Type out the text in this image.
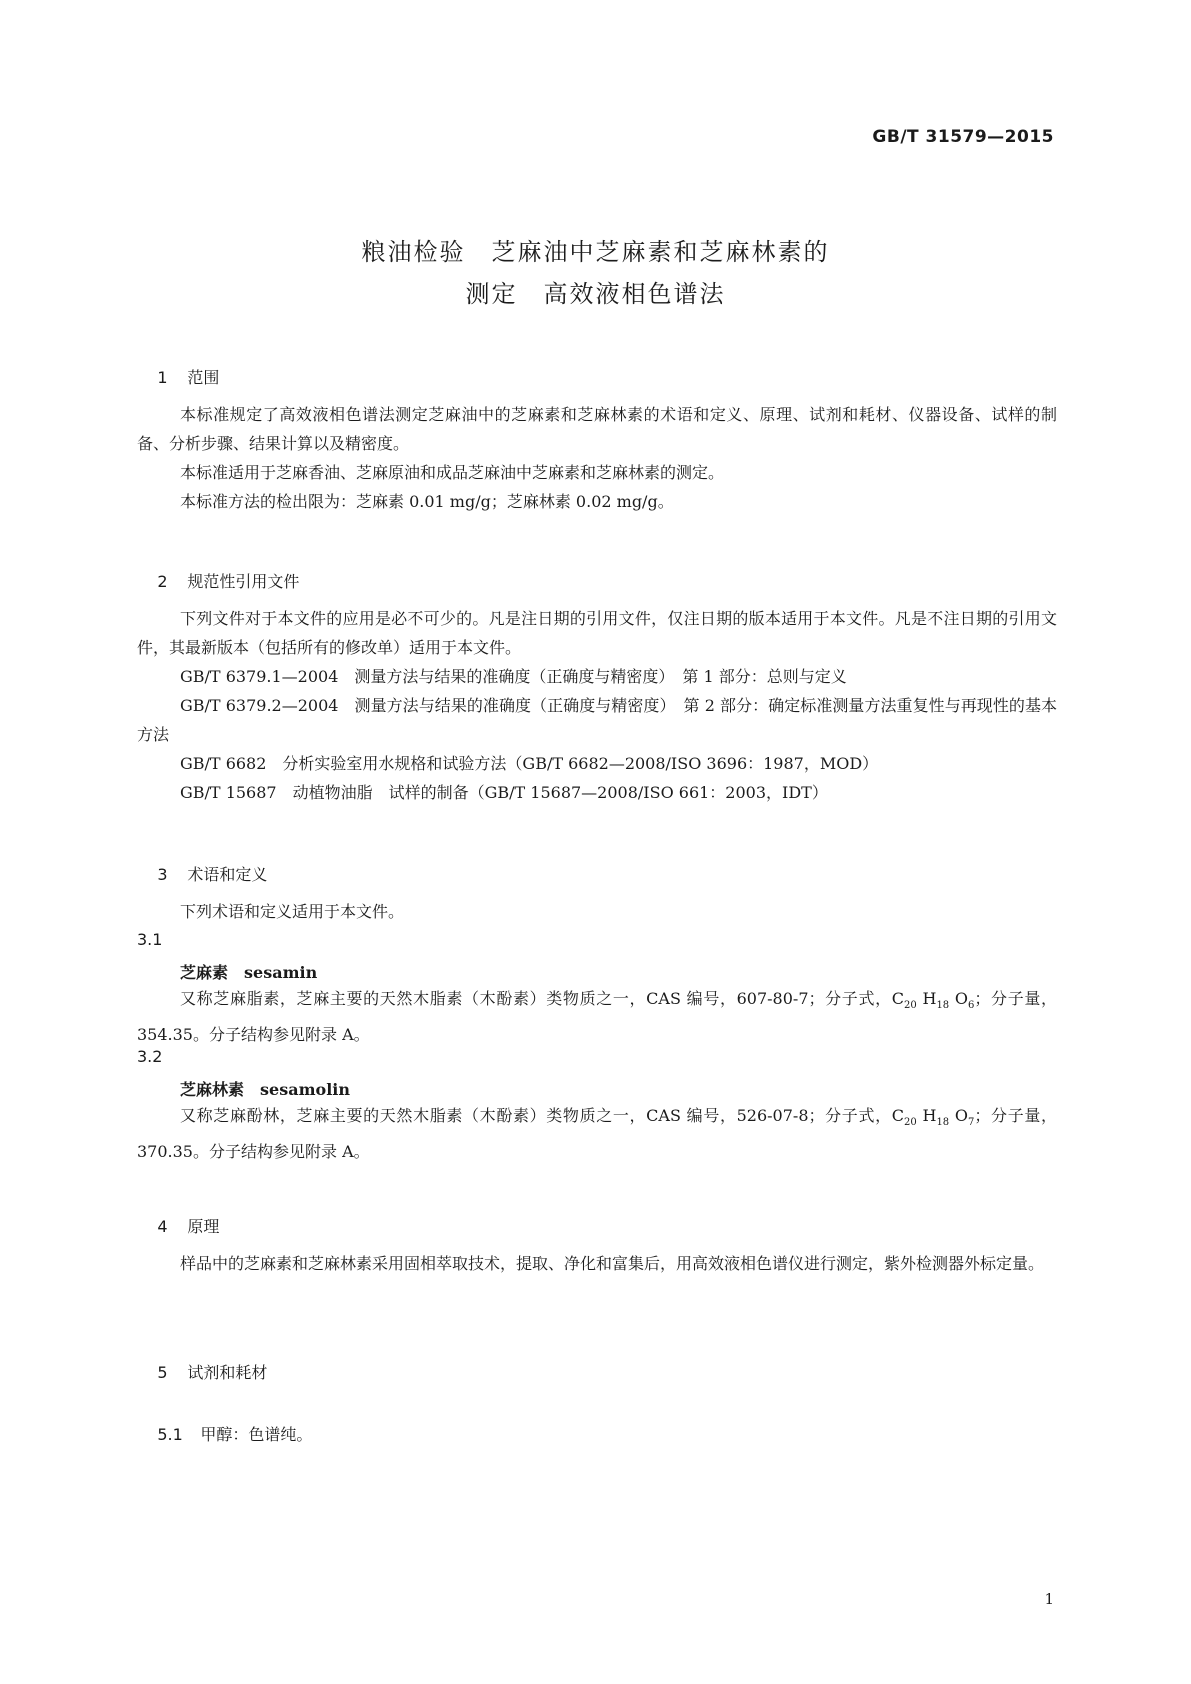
GB/T 31579—2015
粮油检验　芝麻油中芝麻素和芝麻林素的
测定　高效液相色谱法

1 范围

本标准规定了高效液相色谱法测定芝麻油中的芝麻素和芝麻林素的术语和定义、原理、试剂和耗材、仪器设备、试样的制备、分析步骤、结果计算以及精密度。
本标准适用于芝麻香油、芝麻原油和成品芝麻油中芝麻素和芝麻林素的测定。
本标准方法的检出限为：芝麻素 0.01 mg/g；芝麻林素 0.02 mg/g。

2 规范性引用文件

下列文件对于本文件的应用是必不可少的。凡是注日期的引用文件，仅注日期的版本适用于本文件。凡是不注日期的引用文件，其最新版本（包括所有的修改单）适用于本文件。
GB/T 6379.1—2004　测量方法与结果的准确度（正确度与精密度）　第 1 部分：总则与定义
GB/T 6379.2—2004　测量方法与结果的准确度（正确度与精密度）　第 2 部分：确定标准测量方法重复性与再现性的基本方法
GB/T 6682　分析实验室用水规格和试验方法（GB/T 6682—2008/ISO 3696：1987，MOD）
GB/T 15687　动植物油脂　试样的制备（GB/T 15687—2008/ISO 661：2003，IDT）

3 术语和定义

下列术语和定义适用于本文件。
3.1
芝麻素　 sesamin
又称芝麻脂素，芝麻主要的天然木脂素（木酚素）类物质之一，CAS 编号，607-80-7；分子式，$C_{20}$ $H_{18}$ $O_6$；分子量，354.35。分子结构参见附录 A。
3.2
芝麻林素　 sesamolin
又称芝麻酚林，芝麻主要的天然木脂素（木酚素）类物质之一，CAS 编号，526-07-8；分子式，$C_{20}$ $H_{18}$ $O_7$；分子量，370.35。分子结构参见附录 A。

4 原理

样品中的芝麻素和芝麻林素采用固相萃取技术，提取、净化和富集后，用高效液相色谱仪进行测定，紫外检测器外标定量。

5 试剂和耗材

5.1 甲醇：色谱纯。

1
